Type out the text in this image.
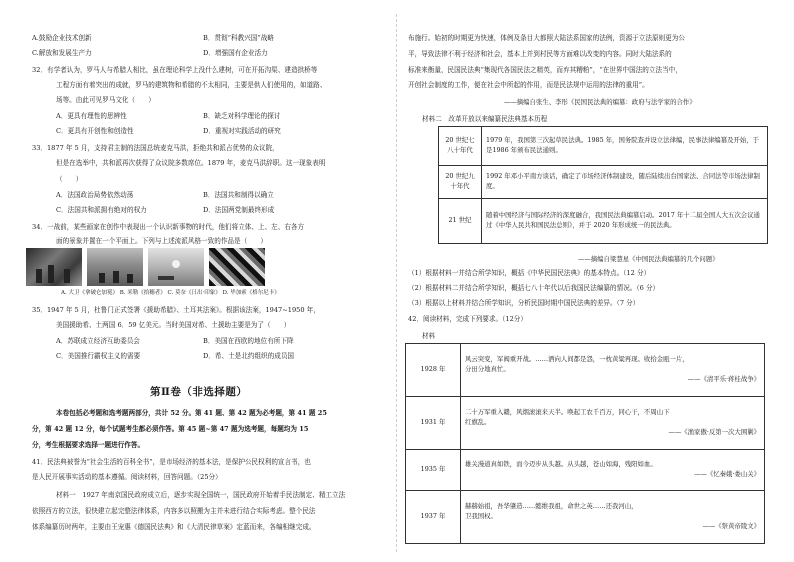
A.鼓励企业技术创新	B．贯彻“科教兴国”战略
C.解放和发展生产力	D．增强国有企业活力
32．有学者认为，罗马人与希腊人相比，虽在理论科学上没什么建树，可在开拓沟渠、建造拱桥等
工程方面有着突出的成就，罗马的建筑物和希腊的不太相同，主要是供人们使用的，如道路、
场等。由此可见罗马文化（　　）
A．更具有理性的思辨性	B．缺乏对科学理论的探讨
C．更具有开创性和创造性	D．重视对实践活动的研究
33．1877 年 5 月，支持君主制的法国总统麦克马洪，拒绝共和派占优势的众议院，
但是在选举中，共和派再次获得了众议院多数席位。1879 年，麦克马洪辞职。这一现象表明
（　　）
A．法国政治局势依然动荡	B．法国共和制得以确立
C．法国共和派拥有绝对的权力	D．法国两党制最终形成
34．一战前，某些画家在创作中表现出一个认识新事物的时代，他们将立体、上、左、右各方
面的景象并置在一个平面上。下列与上述流派风格一致的作品是（　　）
A. 大卫《拿破仑加冕》 B. 米勒《拾穗者》 C. 莫奈《日出·印象》 D. 毕加索《格尔尼卡》
35．1947 年 5 月，杜鲁门正式签署《援助希腊》、土耳其法案》。根据该法案，1947~1950 年，
美国援助希、土两国 6．59 亿美元。当时美国对希、土援助主要是为了（　　）
A．苏联成立经济互助委员会	B．美国在西欧的地位有所下降
C．美国推行霸权主义的需要	D．希、土是北约组织的成员国
第Ⅱ卷（非选择题）
本卷包括必考题和选考题两部分，共计 52 分。第 41 题、第 42 题为必考题，第 41 题 25
分，第 42 题 12 分，每个试题考生都必须作答。第 45 题~第 47 题为选考题，每题均为 15
分，考生根据要求选择一题进行作答。
41．民法典被誉为“社会生活的百科全书”，是市场经济的基本法，是保护公民权利的宣言书，也
是人民开展事实活动的基本遵循。阅读材料，回答问题。（25分）
材料一　1927 年南京国民政府成立后，逐步实现全国统一，国民政府开始着手民法制定、精工立法
依照西方的立法，很快建立起完整法律体系，内容多以照搬为主并未进行结合实际考虑。整个民法
体系编纂历时两年，主要由王宠惠《德国民法典》和《大清民律草案》定蓝而来，各编相继完成。
布施行。始初的时期更为快速，体例及条目大都照大陆法系国家的法例，资源于立法原则更为公
平，导致法律不利于经济和社会，基本上并到村民等方面难以改变的内容。同时大陆法系的
标准来衡量，民国民法典“集现代各国民法之精英，而弃其糟粕”，“在世界中国法的立法当中，
开创社会制度的工作，便在社会中所起的作用，而是民法规中运用的法律的重用”。
——摘编自张生、李彤《民国民法典的编纂：政府与法学家的合作》
材料二　改革开放以来编纂民法典基本历程
20 世纪七八十年代	1979 年，我国第三次起草民法典。1985 年，国务院查并设立法律编，民事法律编纂及开始，于是1986 年颁布民法通则。
20 世纪九十年代	1992 年邓小平南方谈话，确定了市场经济体制建设，随后陆续出台国家法、合同法等市场法律制度。
21 世纪	随着中国经济与国际经济的深度融合，我国民法典编纂启动。2017 年十二届全国人大五次会议通过《中华人民共和国民法总则》，并于 2020 年形成统一的民法典。
——摘编自梁慧星《中国民法典编纂的几个问题》
（1）根据材料一并结合所学知识，概括《中华民国民法典》的基本特点。（12 分）
（2）根据材料二并结合所学知识，概括七八十年代以后我国民法编纂的情况。（6 分）
（3）根据以上材料并结合所学知识，分析民国时期中国民法典的差异。（7 分）
42．阅读材料，完成下列要求。（12分）
材料
1928 年	风云突变，军阀重开战。……洒向人间都是怨，一枕黄粱再现。收拾金瓯一片，
分田分地真忙。
——《清平乐·蒋桂战争》

1931 年	二十万军重入赣，风烟滚滚来天半。唤起工农千百万，同心干，不周山下
红旗乱。
——《渔家傲·反第一次大围剿》

1935 年	雄关漫道真如铁，而今迈步从头越。从头越，苍山如海，残阳如血。
——《忆秦娥·娄山关》

1937 年	赫赫始祖，吾华肇造……懿维我祖，命世之英……还我河山，
卫我国权。
——《祭黄帝陵文》
